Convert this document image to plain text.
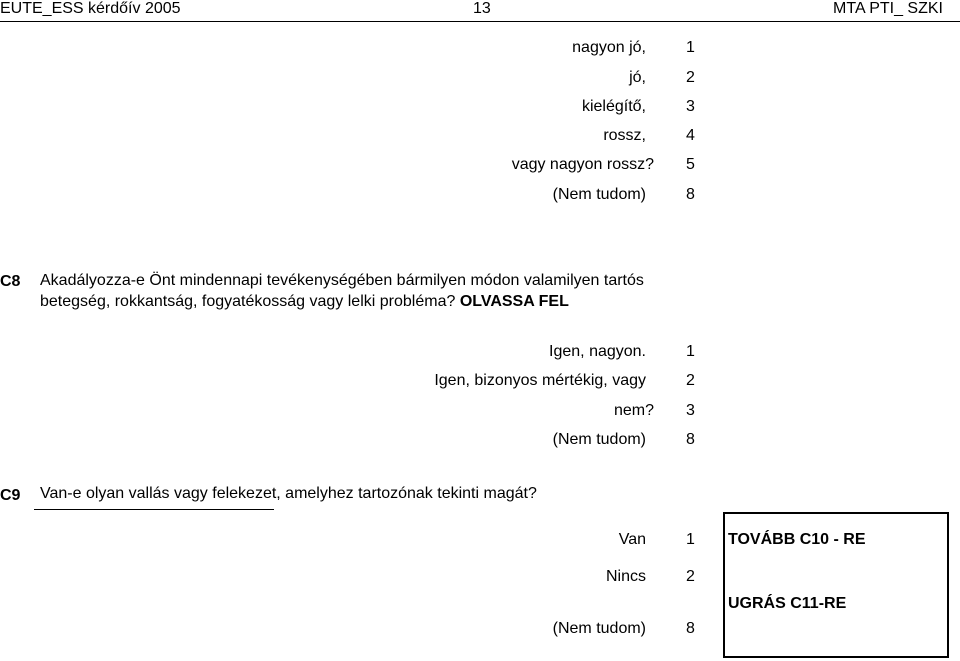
EUTE_ESS kérdőív 2005	13	MTA PTI_ SZKI
nagyon jó,	1
jó,	2
kielégítő,	3
rossz,	4
vagy nagyon rossz? 5
(Nem tudom)	8
C8 Akadályozza-e Önt mindennapi tevékenységében bármilyen módon valamilyen tartós betegség, rokkantság, fogyatékosság vagy lelki probléma? OLVASSA FEL
Igen, nagyon.	1
Igen, bizonyos mértékig, vagy	2
nem? 3
(Nem tudom)	8
C9 Van-e olyan vallás vagy felekezet, amelyhez tartozónak tekinti magát?
Van	1
Nincs	2
(Nem tudom)	8
TOVÁBB C10 - RE
UGRÁS C11-RE
